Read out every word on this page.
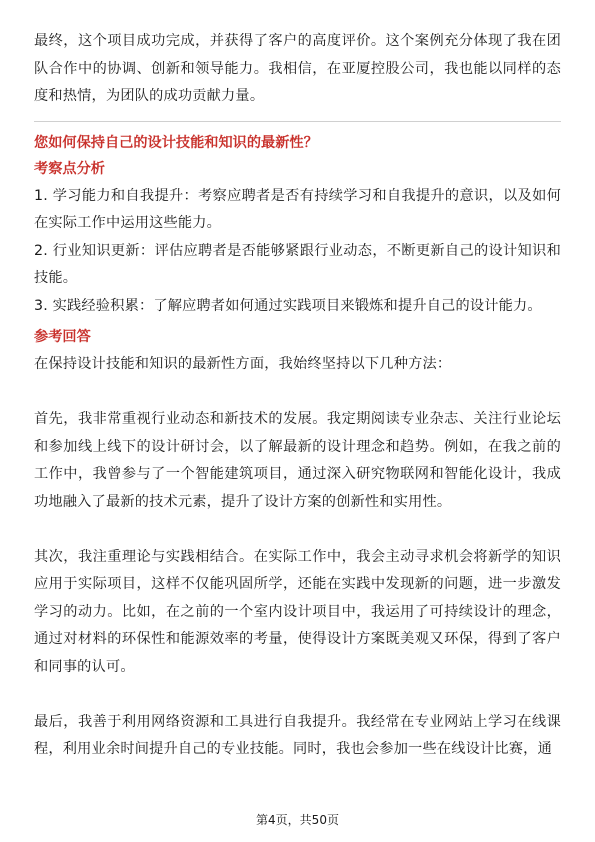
最终，这个项目成功完成，并获得了客户的高度评价。这个案例充分体现了我在团队合作中的协调、创新和领导能力。我相信，在亚厦控股公司，我也能以同样的态度和热情，为团队的成功贡献力量。

您如何保持自己的设计技能和知识的最新性？

考察点分析

1. 学习能力和自我提升：考察应聘者是否有持续学习和自我提升的意识，以及如何在实际工作中运用这些能力。

2. 行业知识更新：评估应聘者是否能够紧跟行业动态，不断更新自己的设计知识和技能。

3. 实践经验积累：了解应聘者如何通过实践项目来锻炼和提升自己的设计能力。

参考回答

在保持设计技能和知识的最新性方面，我始终坚持以下几种方法：

首先，我非常重视行业动态和新技术的发展。我定期阅读专业杂志、关注行业论坛和参加线上线下的设计研讨会，以了解最新的设计理念和趋势。例如，在我之前的工作中，我曾参与了一个智能建筑项目，通过深入研究物联网和智能化设计，我成功地融入了最新的技术元素，提升了设计方案的创新性和实用性。

其次，我注重理论与实践相结合。在实际工作中，我会主动寻求机会将新学的知识应用于实际项目，这样不仅能巩固所学，还能在实践中发现新的问题，进一步激发学习的动力。比如，在之前的一个室内设计项目中，我运用了可持续设计的理念，通过对材料的环保性和能源效率的考量，使得设计方案既美观又环保，得到了客户和同事的认可。

最后，我善于利用网络资源和工具进行自我提升。我经常在专业网站上学习在线课程，利用业余时间提升自己的专业技能。同时，我也会参加一些在线设计比赛，通

第4页，共50页
